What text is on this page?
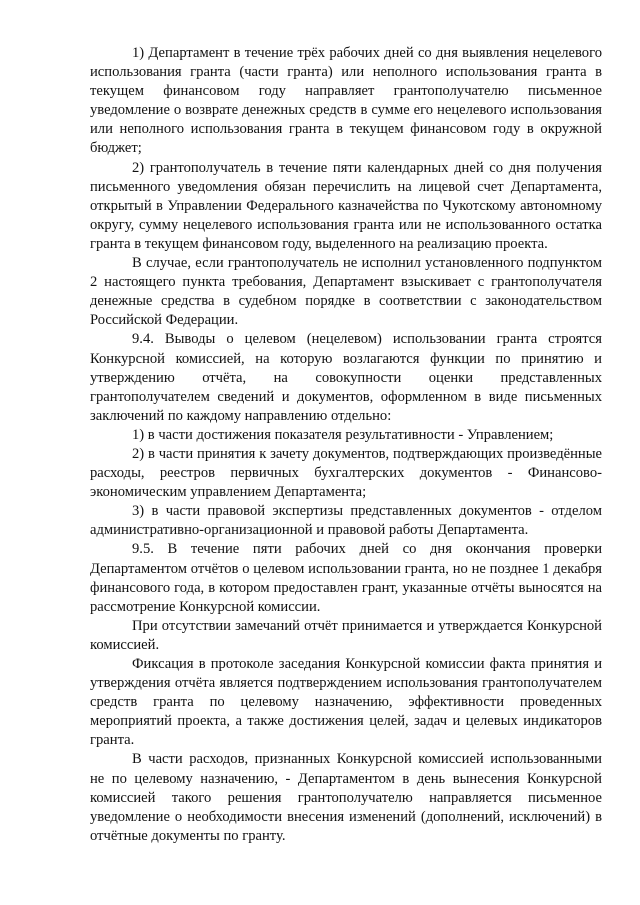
1) Департамент в течение трёх рабочих дней со дня выявления нецелевого использования гранта (части гранта) или неполного использования гранта в текущем финансовом году направляет грантополучателю письменное уведомление о возврате денежных средств в сумме его нецелевого использования или неполного использования гранта в текущем финансовом году в окружной бюджет;

2) грантополучатель в течение пяти календарных дней со дня получения письменного уведомления обязан перечислить на лицевой счет Департамента, открытый в Управлении Федерального казначейства по Чукотскому автономному округу, сумму нецелевого использования гранта или не использованного остатка гранта в текущем финансовом году, выделенного на реализацию проекта.

В случае, если грантополучатель не исполнил установленного подпунктом 2 настоящего пункта требования, Департамент взыскивает с грантополучателя денежные средства в судебном порядке в соответствии с законодательством Российской Федерации.

9.4. Выводы о целевом (нецелевом) использовании гранта строятся Конкурсной комиссией, на которую возлагаются функции по принятию и утверждению отчёта, на совокупности оценки представленных грантополучателем сведений и документов, оформленном в виде письменных заключений по каждому направлению отдельно:

1) в части достижения показателя результативности - Управлением;

2) в части принятия к зачету документов, подтверждающих произведённые расходы, реестров первичных бухгалтерских документов - Финансово-экономическим управлением Департамента;

3) в части правовой экспертизы представленных документов - отделом административно-организационной и правовой работы Департамента.

9.5. В течение пяти рабочих дней со дня окончания проверки Департаментом отчётов о целевом использовании гранта, но не позднее 1 декабря финансового года, в котором предоставлен грант, указанные отчёты выносятся на рассмотрение Конкурсной комиссии.

При отсутствии замечаний отчёт принимается и утверждается Конкурсной комиссией.

Фиксация в протоколе заседания Конкурсной комиссии факта принятия и утверждения отчёта является подтверждением использования грантополучателем средств гранта по целевому назначению, эффективности проведенных мероприятий проекта, а также достижения целей, задач и целевых индикаторов гранта.

В части расходов, признанных Конкурсной комиссией использованными не по целевому назначению, - Департаментом в день вынесения Конкурсной комиссией такого решения грантополучателю направляется письменное уведомление о необходимости внесения изменений (дополнений, исключений) в отчётные документы по гранту.
